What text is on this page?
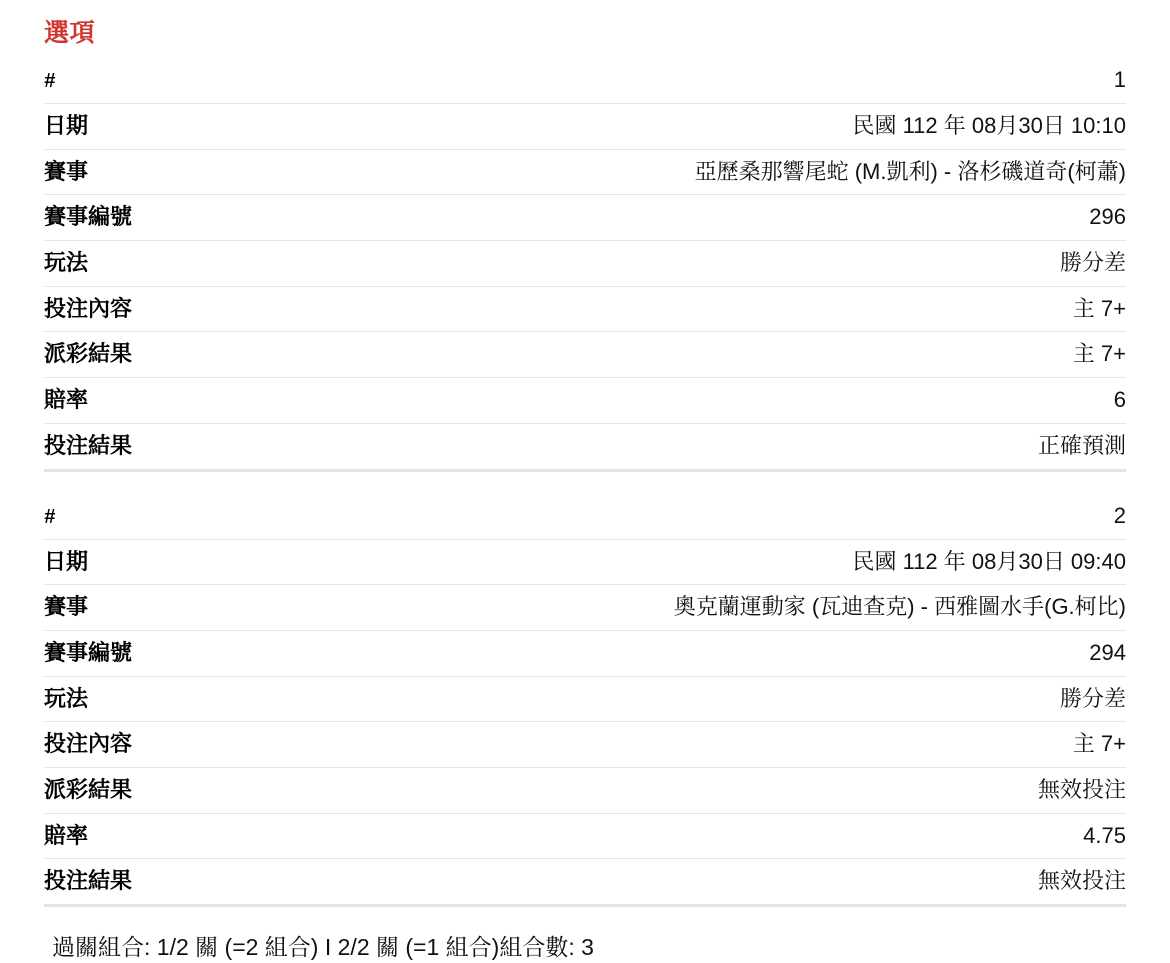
選項
#	1
日期	民國 112 年 08月30日 10:10
賽事	亞歷桑那響尾蛇 (M.凱利) - 洛杉磯道奇(柯蕭)
賽事編號	296
玩法	勝分差
投注內容	主 7+
派彩結果	主 7+
賠率	6
投注結果	正確預測
#	2
日期	民國 112 年 08月30日 09:40
賽事	奧克蘭運動家 (瓦迪查克) - 西雅圖水手(G.柯比)
賽事編號	294
玩法	勝分差
投注內容	主 7+
派彩結果	無效投注
賠率	4.75
投注結果	無效投注
過關組合: 1/2 關 (=2 組合) I 2/2 關 (=1 組合)組合數: 3
